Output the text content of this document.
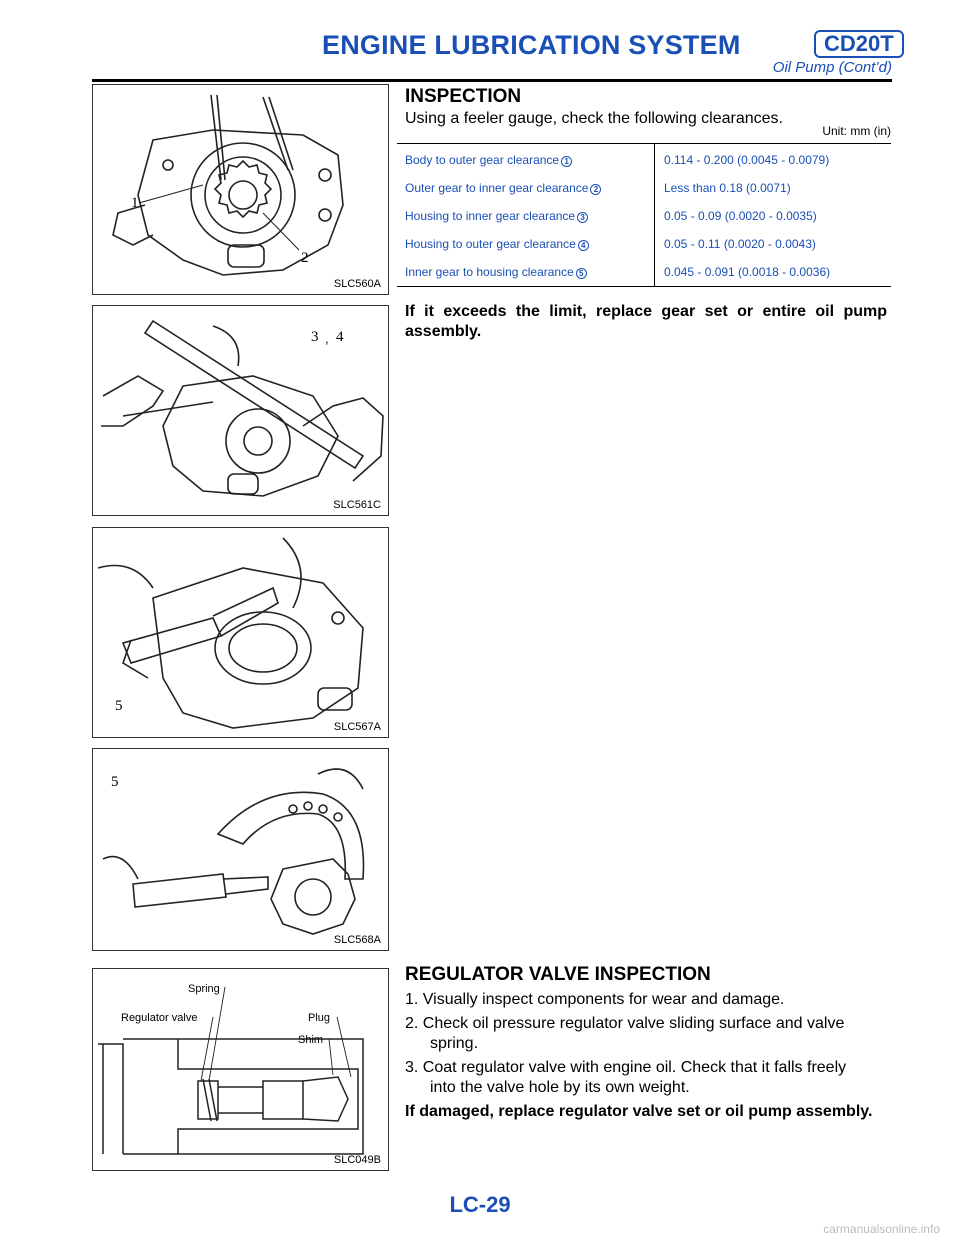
ENGINE LUBRICATION SYSTEM	CD20T
Oil Pump (Cont’d)
1
2
SLC560A
3 , 4
SLC561C
5
SLC567A
5
SLC568A
Spring
Regulator valve	Plug
Shim
SLC049B
INSPECTION
Using a feeler gauge, check the following clearances.
Unit: mm (in)
Body to outer gear clearance 1	0.114 - 0.200 (0.0045 - 0.0079)
Outer gear to inner gear clearance 2	Less than 0.18 (0.0071)
Housing to inner gear clearance 3	0.05 - 0.09 (0.0020 - 0.0035)
Housing to outer gear clearance 4	0.05 - 0.11 (0.0020 - 0.0043)
Inner gear to housing clearance 5	0.045 - 0.091 (0.0018 - 0.0036)
If it exceeds the limit, replace gear set or entire oil pump assembly.
REGULATOR VALVE INSPECTION
1. Visually inspect components for wear and damage.
2. Check oil pressure regulator valve sliding surface and valve
spring.
3. Coat regulator valve with engine oil. Check that it falls freely
into the valve hole by its own weight.
If damaged, replace regulator valve set or oil pump assembly.
LC-29
carmanualsonline.info
